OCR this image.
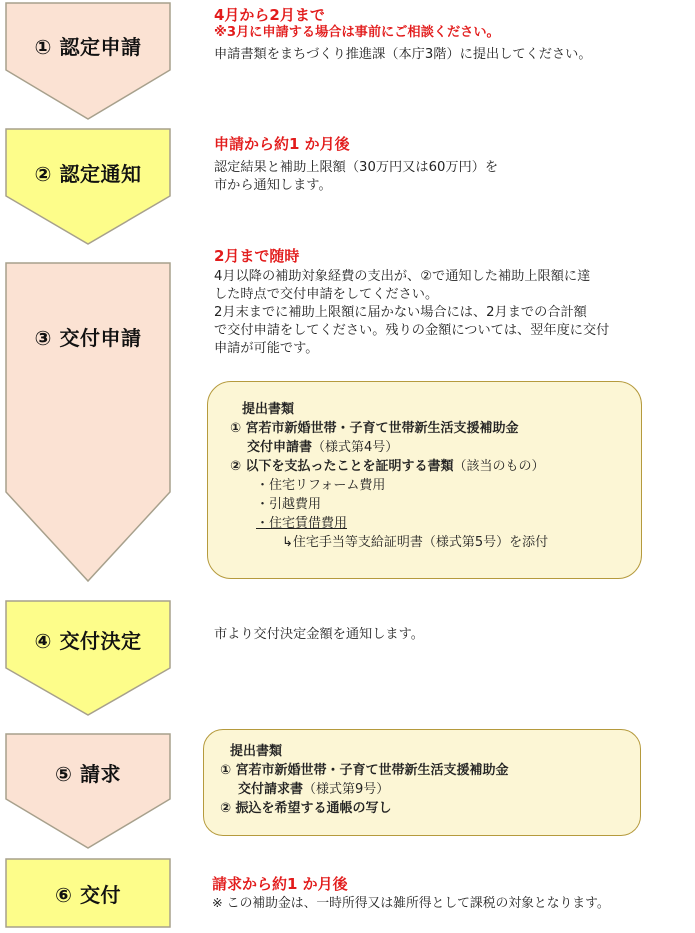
① 認定申請
4月から2月まで
※3月に申請する場合は事前にご相談ください。
申請書類をまちづくり推進課（本庁3階）に提出してください。
② 認定通知
申請から約1 か月後
認定結果と補助上限額（30万円又は60万円）を
市から通知します。
③ 交付申請
2月まで随時
4月以降の補助対象経費の支出が、②で通知した補助上限額に達
した時点で交付申請をしてください。
2月末までに補助上限額に届かない場合には、2月までの合計額
で交付申請をしてください。残りの金額については、翌年度に交付
申請が可能です。
提出書類
① 宮若市新婚世帯・子育て世帯新生活支援補助金
交付申請書（様式第4号）
② 以下を支払ったことを証明する書類（該当のもの）
・住宅リフォーム費用
・引越費用
・住宅賃借費用
↳住宅手当等支給証明書（様式第5号）を添付
④ 交付決定	市より交付決定金額を通知します。
⑤ 請求
提出書類
① 宮若市新婚世帯・子育て世帯新生活支援補助金
交付請求書（様式第9号）
② 振込を希望する通帳の写し
⑥ 交付	請求から約1 か月後
※ この補助金は、一時所得又は雑所得として課税の対象となります。
